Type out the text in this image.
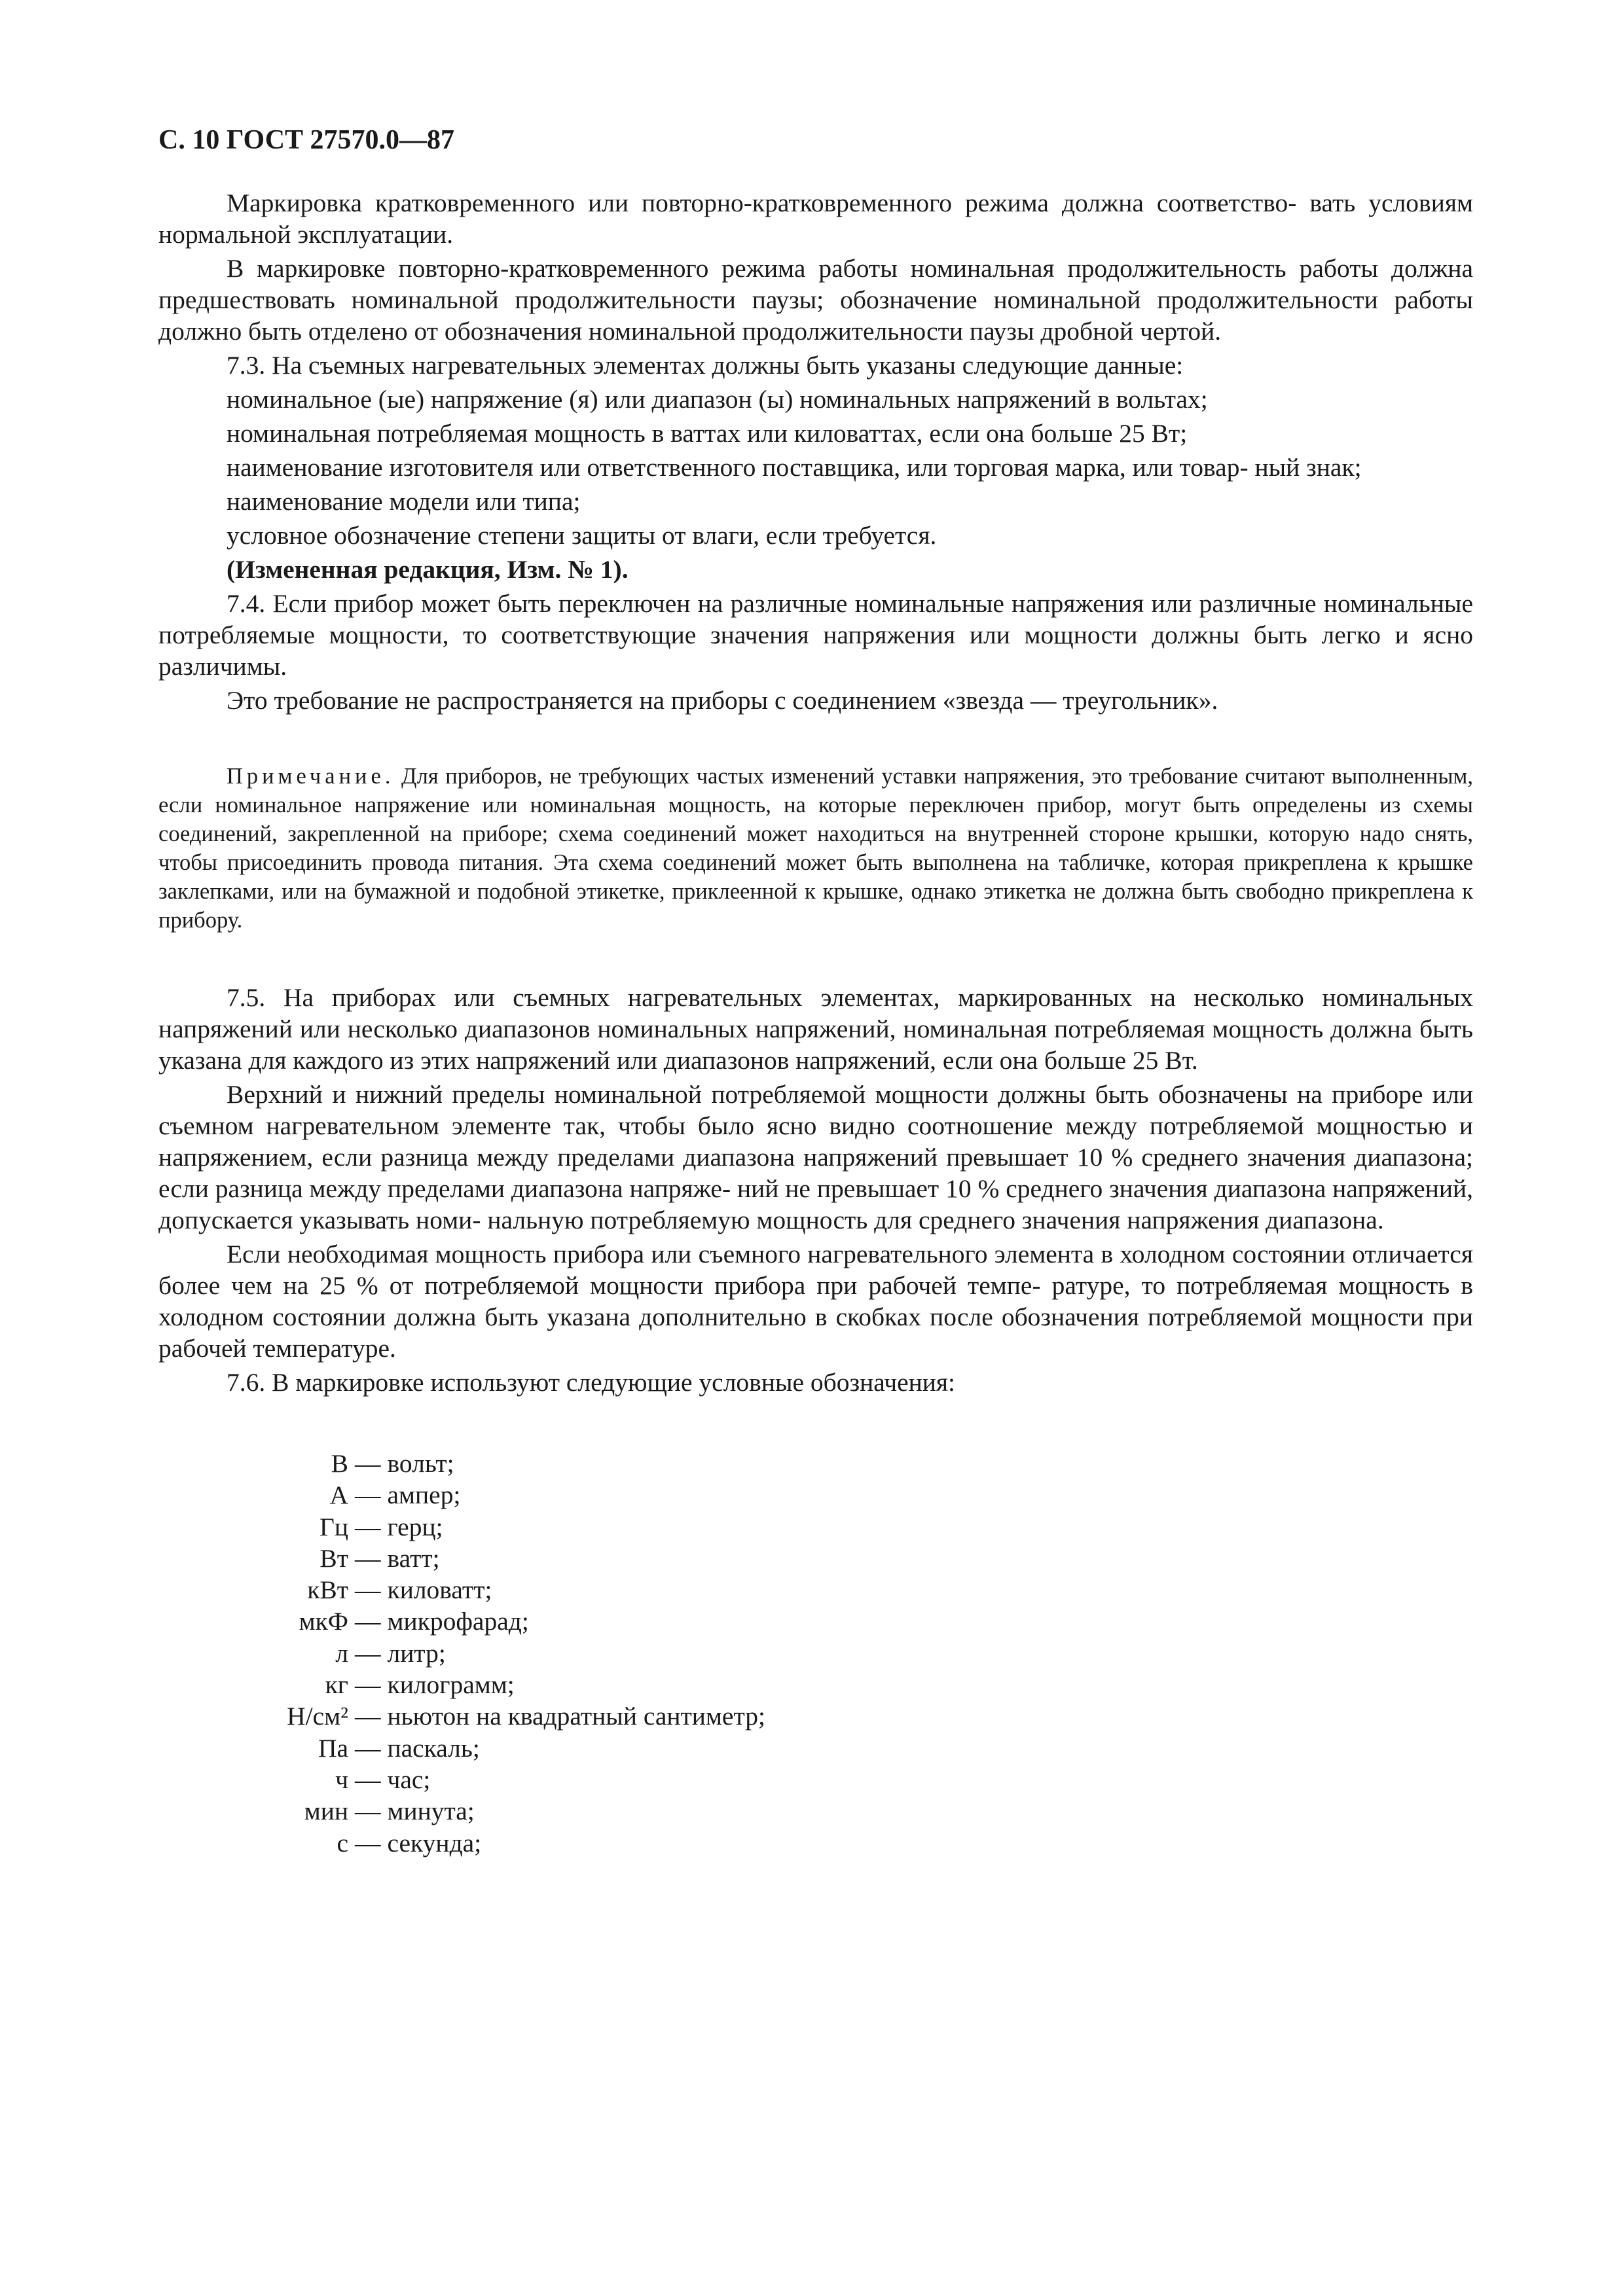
С. 10 ГОСТ 27570.0—87

Маркировка кратковременного или повторно-кратковременного режима должна соответство- вать условиям нормальной эксплуатации.

В маркировке повторно-кратковременного режима работы номинальная продолжительность работы должна предшествовать номинальной продолжительности паузы; обозначение номинальной продолжительности работы должно быть отделено от обозначения номинальной продолжительности паузы дробной чертой.

7.3. На съемных нагревательных элементах должны быть указаны следующие данные:

номинальное (ые) напряжение (я) или диапазон (ы) номинальных напряжений в вольтах;

номинальная потребляемая мощность в ваттах или киловаттах, если она больше 25 Вт;

наименование изготовителя или ответственного поставщика, или торговая марка, или товар- ный знак;

наименование модели или типа;

условное обозначение степени защиты от влаги, если требуется.

(Измененная редакция, Изм. № 1).

7.4. Если прибор может быть переключен на различные номинальные напряжения или различные номинальные потребляемые мощности, то соответствующие значения напряжения или мощности должны быть легко и ясно различимы.

Это требование не распространяется на приборы с соединением «звезда — треугольник».

Примечание. Для приборов, не требующих частых изменений уставки напряжения, это требование считают выполненным, если номинальное напряжение или номинальная мощность, на которые переключен прибор, могут быть определены из схемы соединений, закрепленной на приборе; схема соединений может находиться на внутренней стороне крышки, которую надо снять, чтобы присоединить провода питания. Эта схема соединений может быть выполнена на табличке, которая прикреплена к крышке заклепками, или на бумажной и подобной этикетке, приклеенной к крышке, однако этикетка не должна быть свободно прикреплена к прибору.

7.5. На приборах или съемных нагревательных элементах, маркированных на несколько номинальных напряжений или несколько диапазонов номинальных напряжений, номинальная потребляемая мощность должна быть указана для каждого из этих напряжений или диапазонов напряжений, если она больше 25 Вт.

Верхний и нижний пределы номинальной потребляемой мощности должны быть обозначены на приборе или съемном нагревательном элементе так, чтобы было ясно видно соотношение между потребляемой мощностью и напряжением, если разница между пределами диапазона напряжений превышает 10 % среднего значения диапазона; если разница между пределами диапазона напряже- ний не превышает 10 % среднего значения диапазона напряжений, допускается указывать номи- нальную потребляемую мощность для среднего значения напряжения диапазона.

Если необходимая мощность прибора или съемного нагревательного элемента в холодном состоянии отличается более чем на 25 % от потребляемой мощности прибора при рабочей темпе- ратуре, то потребляемая мощность в холодном состоянии должна быть указана дополнительно в скобках после обозначения потребляемой мощности при рабочей температуре.

7.6. В маркировке используют следующие условные обозначения:

В — вольт;
А — ампер;
Гц — герц;
Вт — ватт;
кВт — киловатт;
мкФ — микрофарад;
л — литр;
кг — килограмм;
Н/см² — ньютон на квадратный сантиметр;
Па — паскаль;
ч — час;
мин — минута;
с — секунда;
